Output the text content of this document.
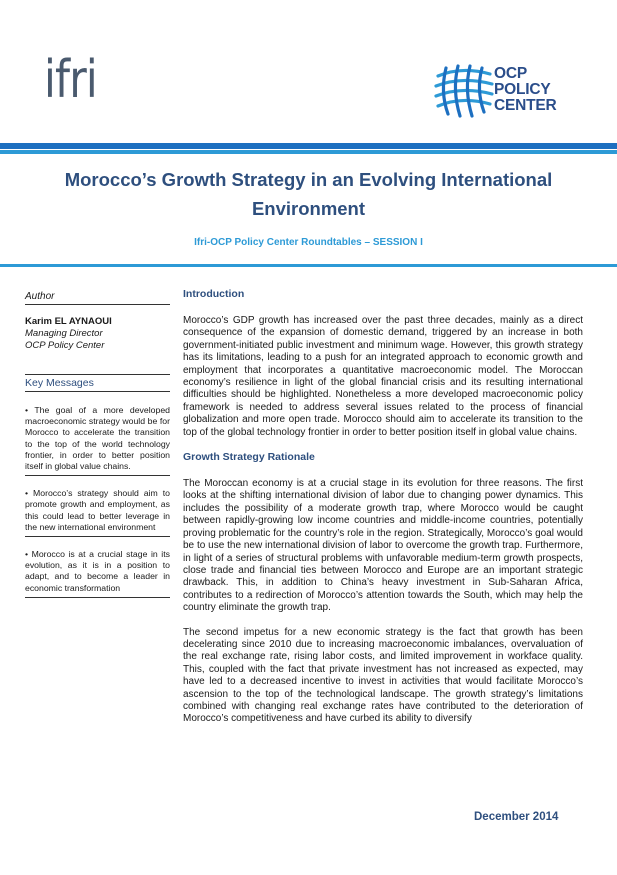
ifri	OCP
POLICY
CENTER
Morocco’s Growth Strategy in an Evolving International Environment
Ifri-OCP Policy Center Roundtables – SESSION I
Author
Karim EL AYNAOUI
Managing Director
OCP Policy Center
Key Messages
• The goal of a more developed macroeconomic strategy would be for Morocco to accelerate the transition to the top of the world technology frontier, in order to better position itself in global value chains.
• Morocco’s strategy should aim to promote growth and employment, as this could lead to better leverage in the new international environment
• Morocco is at a crucial stage in its evolution, as it is in a position to adapt, and to become a leader in economic transformation
Introduction

Morocco’s GDP growth has increased over the past three decades, mainly as a direct consequence of the expansion of domestic demand, triggered by an increase in both government-initiated public investment and minimum wage. However, this growth strategy has its limitations, leading to a push for an integrated approach to economic growth and employment that incorporates a quantitative macroeconomic model. The Moroccan economy’s resilience in light of the global financial crisis and its resulting international difficulties should be highlighted. Nonetheless a more developed macroeconomic policy framework is needed to address several issues related to the process of financial globalization and more open trade. Morocco should aim to accelerate its transition to the top of the global technology frontier in order to better position itself in global value chains.

Growth Strategy Rationale

The Moroccan economy is at a crucial stage in its evolution for three reasons. The first looks at the shifting international division of labor due to changing power dynamics. This includes the possibility of a moderate growth trap, where Morocco would be caught between rapidly-growing low income countries and middle-income countries, potentially proving problematic for the country’s role in the region. Strategically, Morocco’s goal would be to use the new international division of labor to overcome the growth trap. Furthermore, in light of a series of structural problems with unfavorable medium-term growth prospects, close trade and financial ties between Morocco and Europe are an important strategic drawback. This, in addition to China’s heavy investment in Sub-Saharan Africa, contributes to a redirection of Morocco’s attention towards the South, which may help the country eliminate the growth trap.

The second impetus for a new economic strategy is the fact that growth has been decelerating since 2010 due to increasing macroeconomic imbalances, overvaluation of the real exchange rate, rising labor costs, and limited improvement in workface quality. This, coupled with the fact that private investment has not increased as expected, may have led to a decreased incentive to invest in activities that would facilitate Morocco’s ascension to the top of the technological landscape. The growth strategy’s limitations combined with changing real exchange rates have contributed to the deterioration of Morocco’s competitiveness and have curbed its ability to diversify

December 2014
